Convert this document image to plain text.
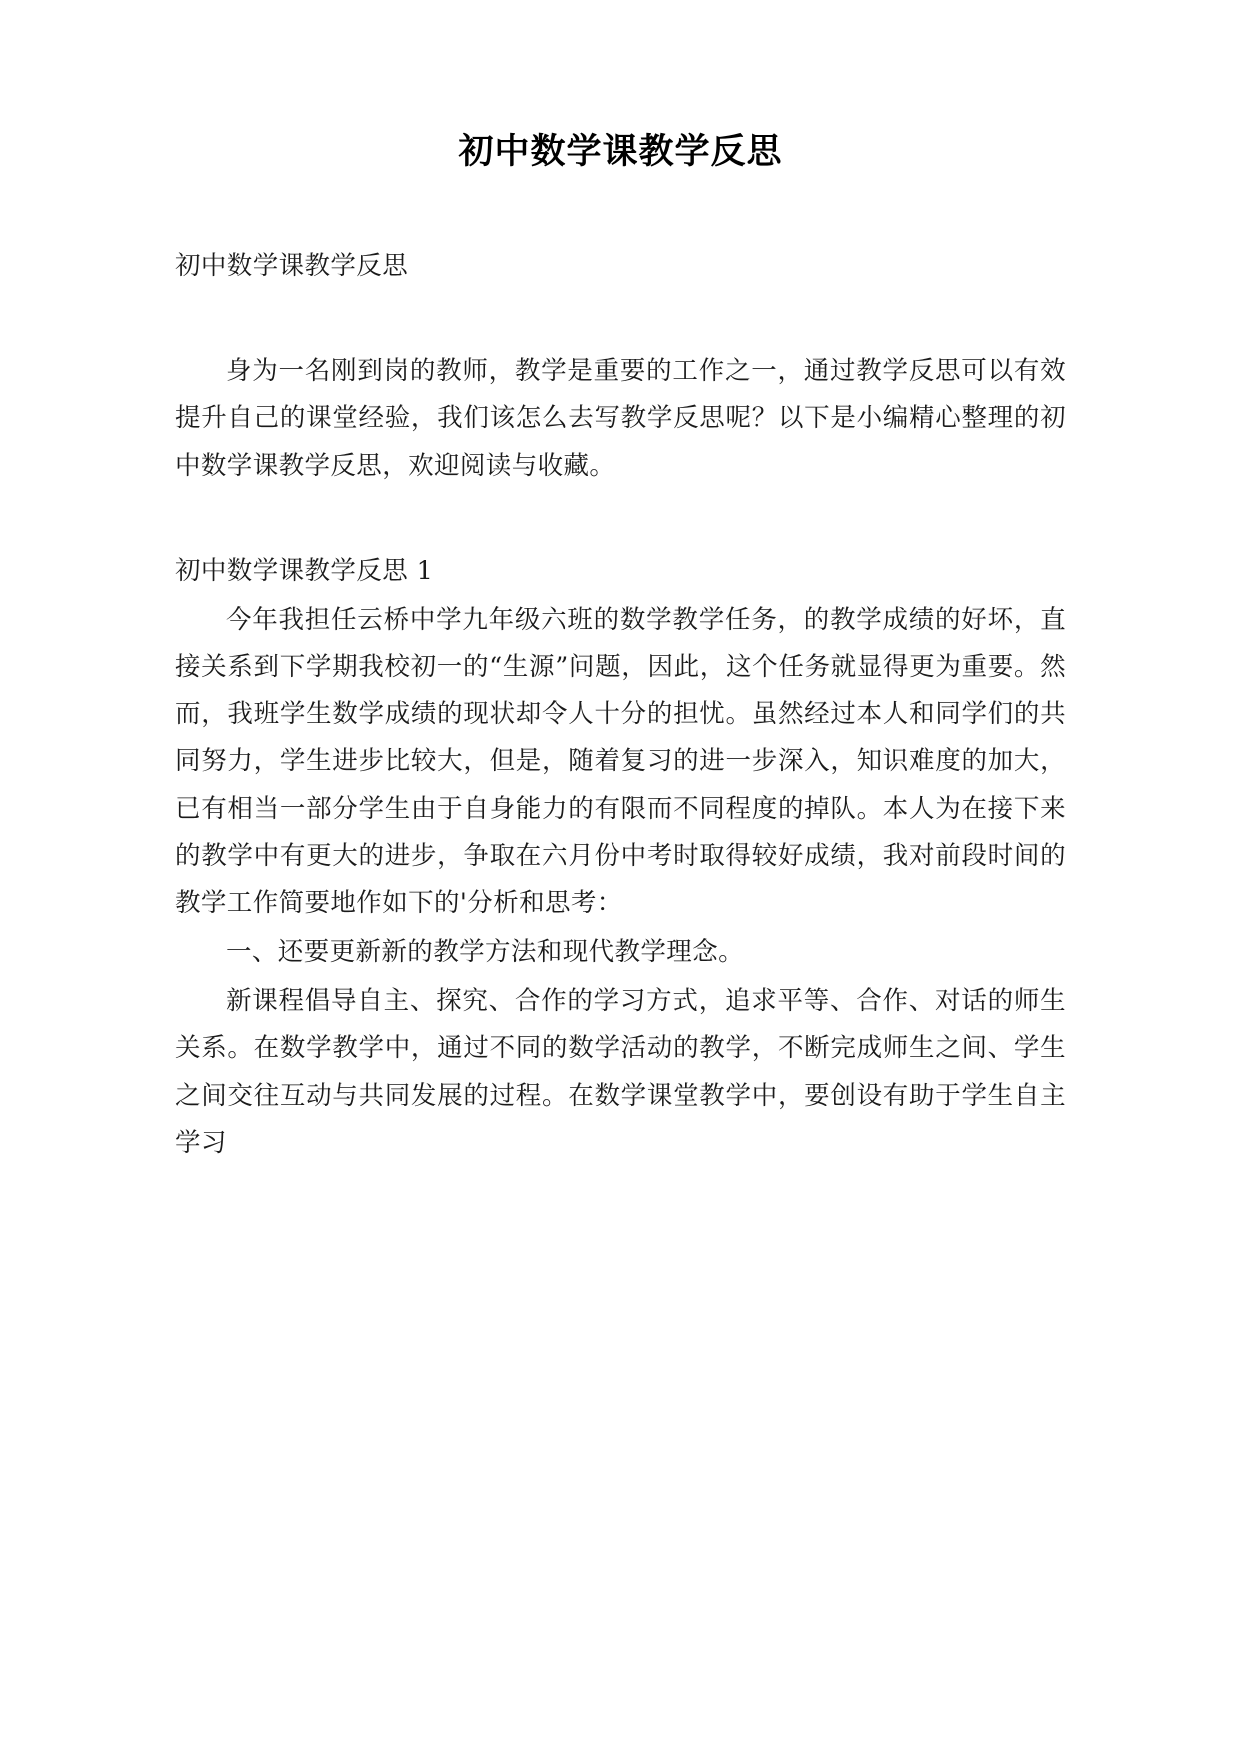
初中数学课教学反思

初中数学课教学反思

身为一名刚到岗的教师，教学是重要的工作之一，通过教学反思可以有效提升自己的课堂经验，我们该怎么去写教学反思呢？以下是小编精心整理的初中数学课教学反思，欢迎阅读与收藏。

初中数学课教学反思 1

今年我担任云桥中学九年级六班的数学教学任务，的教学成绩的好坏，直接关系到下学期我校初一的“生源”问题，因此，这个任务就显得更为重要。然而，我班学生数学成绩的现状却令人十分的担忧。虽然经过本人和同学们的共同努力，学生进步比较大，但是，随着复习的进一步深入，知识难度的加大，已有相当一部分学生由于自身能力的有限而不同程度的掉队。本人为在接下来的教学中有更大的进步，争取在六月份中考时取得较好成绩，我对前段时间的教学工作简要地作如下的'分析和思考：

一、还要更新新的教学方法和现代教学理念。

新课程倡导自主、探究、合作的学习方式，追求平等、合作、对话的师生关系。在数学教学中，通过不同的数学活动的教学，不断完成师生之间、学生之间交往互动与共同发展的过程。在数学课堂教学中，要创设有助于学生自主学习
